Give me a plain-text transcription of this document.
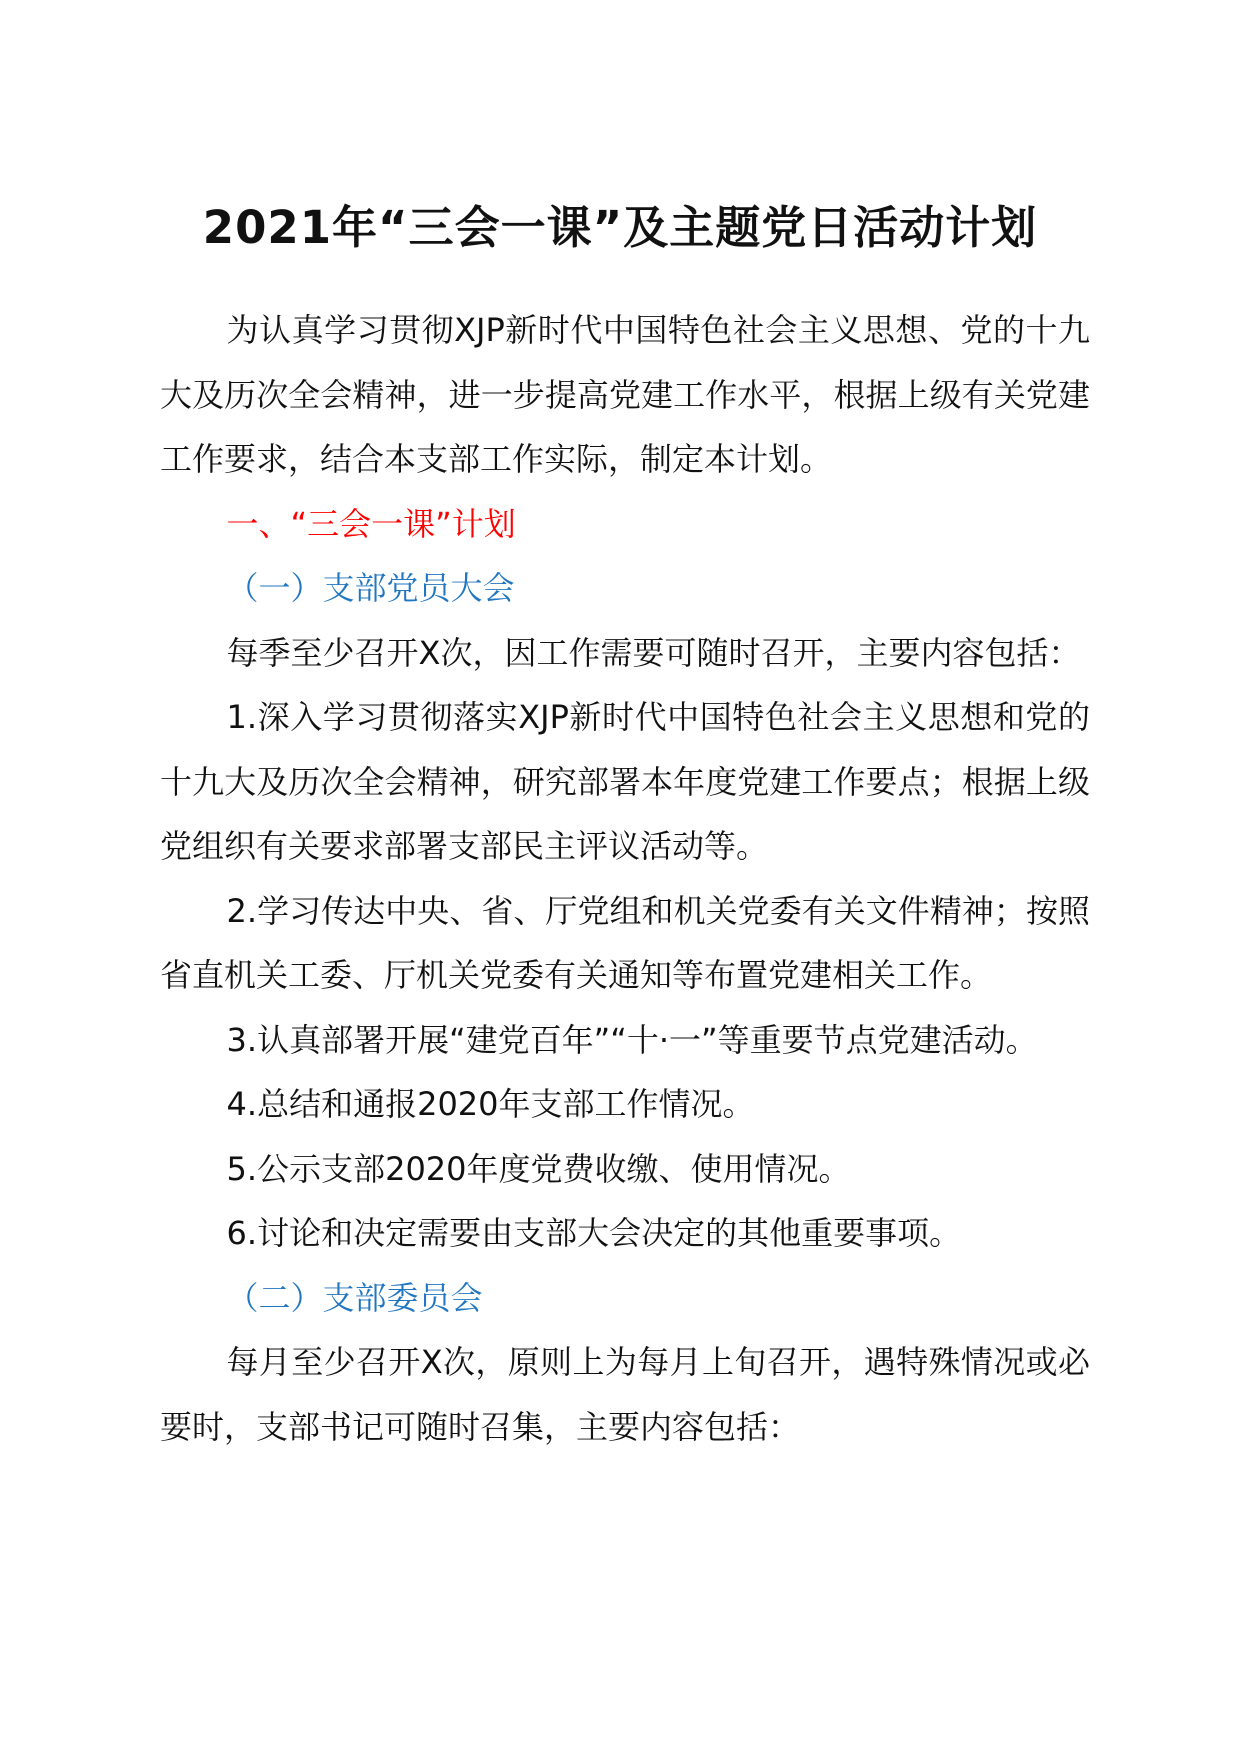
2021年“三会一课”及主题党日活动计划

为认真学习贯彻XJP新时代中国特色社会主义思想、党的十九大及历次全会精神，进一步提高党建工作水平，根据上级有关党建工作要求，结合本支部工作实际，制定本计划。

一、“三会一课”计划

（一）支部党员大会

每季至少召开X次，因工作需要可随时召开，主要内容包括：

1.深入学习贯彻落实XJP新时代中国特色社会主义思想和党的十九大及历次全会精神，研究部署本年度党建工作要点；根据上级党组织有关要求部署支部民主评议活动等。

2.学习传达中央、省、厅党组和机关党委有关文件精神；按照省直机关工委、厅机关党委有关通知等布置党建相关工作。

3.认真部署开展“建党百年”“十·一”等重要节点党建活动。

4.总结和通报2020年支部工作情况。

5.公示支部2020年度党费收缴、使用情况。

6.讨论和决定需要由支部大会决定的其他重要事项。

（二）支部委员会

每月至少召开X次，原则上为每月上旬召开，遇特殊情况或必要时，支部书记可随时召集，主要内容包括：
